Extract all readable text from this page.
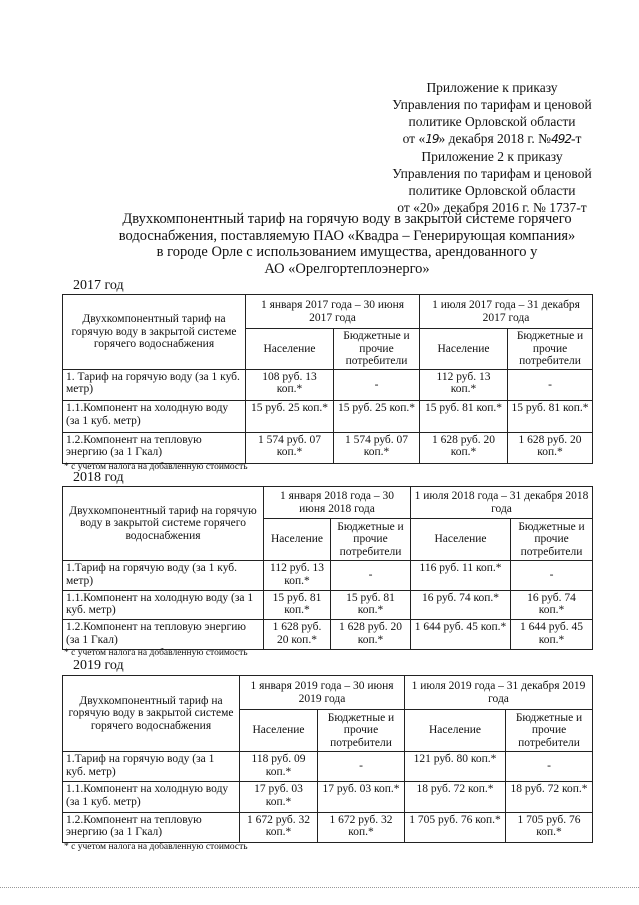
Приложение к приказу
Управления по тарифам и ценовой
политике Орловской области
от «19» декабря 2018 г. №492-т
Приложение 2 к приказу
Управления по тарифам и ценовой
политике Орловской области
от «20» декабря 2016 г. № 1737-т
Двухкомпонентный тариф на горячую воду в закрытой системе горячего
водоснабжения, поставляемую ПАО «Квадра – Генерирующая компания»
в городе Орле с использованием имущества, арендованного у
АО «Орелгортеплоэнерго»
2017 год
Двухкомпонентный тариф на горячую воду в закрытой системе горячего водоснабжения	1 января 2017 года – 30 июня 2017 года		1 июля 2017 года – 31 декабря 2017 года	
	Население	Бюджетные и прочие потребители	Население	Бюджетные и прочие потребители
1. Тариф на горячую воду (за 1 куб. метр)	108 руб. 13 коп.*	-	112 руб. 13 коп.*	-
1.1.Компонент на холодную воду (за 1 куб. метр)	15 руб. 25 коп.*	15 руб. 25 коп.*	15 руб. 81 коп.*	15 руб. 81 коп.*
1.2.Компонент на тепловую энергию (за 1 Гкал)	1 574 руб. 07 коп.*	1 574 руб. 07 коп.*	1 628 руб. 20 коп.*	1 628 руб. 20 коп.*
* с учетом налога на добавленную стоимость
2018 год
Двухкомпонентный тариф на горячую воду в закрытой системе горячего водоснабжения	1 января 2018 года – 30 июня 2018 года		1 июля 2018 года – 31 декабря 2018 года	
	Население	Бюджетные и прочие потребители	Население	Бюджетные и прочие потребители
1.Тариф на горячую воду (за 1 куб. метр)	112 руб. 13 коп.*	-	116 руб. 11 коп.*	-
1.1.Компонент на холодную воду (за 1 куб. метр)	15 руб. 81 коп.*	15 руб. 81 коп.*	16 руб. 74 коп.*	16 руб. 74 коп.*
1.2.Компонент на тепловую энергию (за 1 Гкал)	1 628 руб. 20 коп.*	1 628 руб. 20 коп.*	1 644 руб. 45 коп.*	1 644 руб. 45 коп.*
* с учетом налога на добавленную стоимость
2019 год
Двухкомпонентный тариф на горячую воду в закрытой системе горячего водоснабжения	1 января 2019 года – 30 июня 2019 года		1 июля 2019 года – 31 декабря 2019 года	
	Население	Бюджетные и прочие потребители	Население	Бюджетные и прочие потребители
1.Тариф на горячую воду (за 1 куб. метр)	118 руб. 09 коп.*	-	121 руб. 80 коп.*	-
1.1.Компонент на холодную воду (за 1 куб. метр)	17 руб. 03 коп.*	17 руб. 03 коп.*	18 руб. 72 коп.*	18 руб. 72 коп.*
1.2.Компонент на тепловую энергию (за 1 Гкал)	1 672 руб. 32 коп.*	1 672 руб. 32 коп.*	1 705 руб. 76 коп.*	1 705 руб. 76 коп.*
* с учетом налога на добавленную стоимость
